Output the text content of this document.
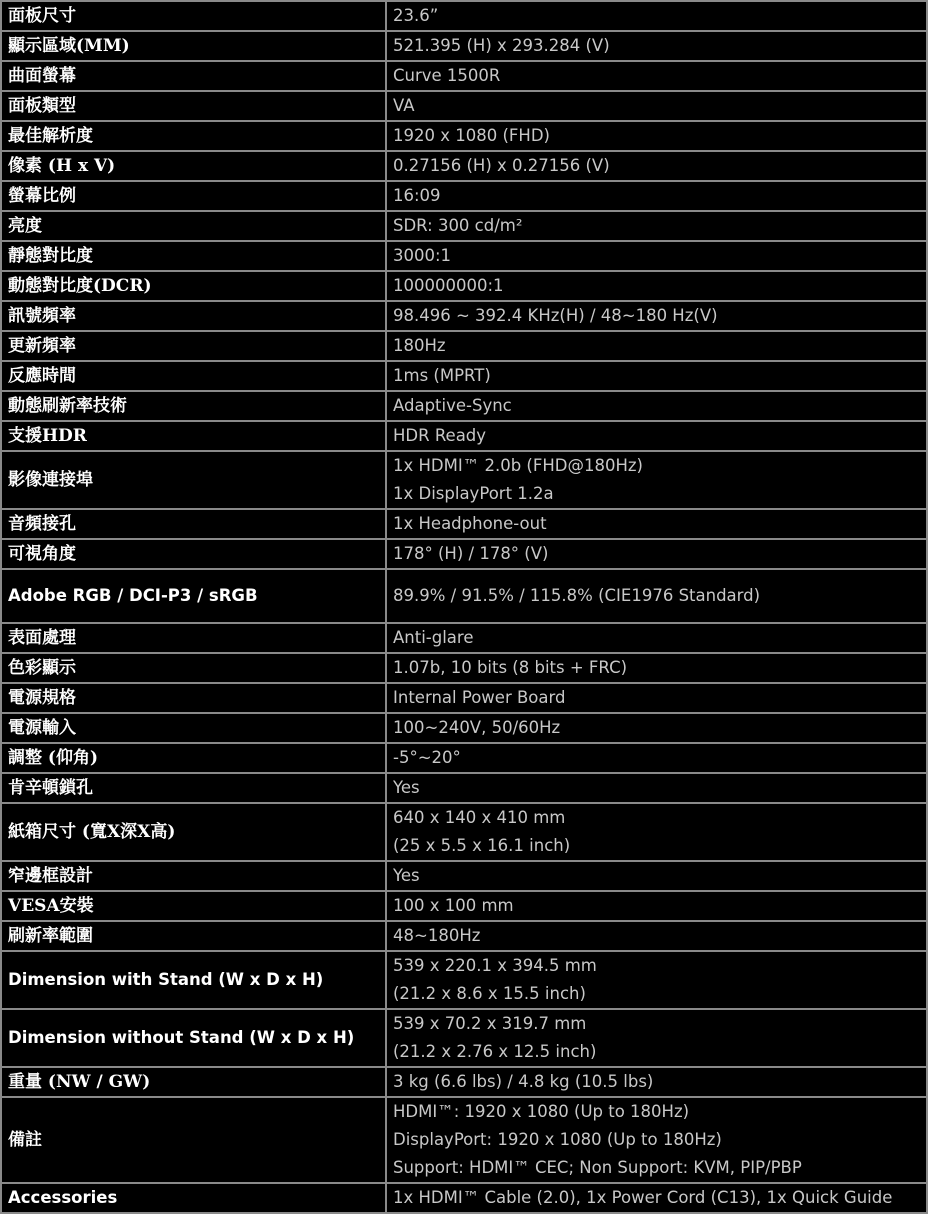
面板尺寸	23.6”

顯示區域(MM)	521.395 (H) x 293.284 (V)

曲面螢幕	Curve 1500R

面板類型	VA

最佳解析度	1920 x 1080 (FHD)

像素 (H x V)	0.27156 (H) x 0.27156 (V)

螢幕比例	16:09

亮度	SDR: 300 cd/m²

靜態對比度	3000:1

動態對比度(DCR)	100000000:1

訊號頻率	98.496 ~ 392.4 KHz(H) / 48~180 Hz(V)

更新頻率	180Hz

反應時間	1ms (MPRT)

動態刷新率技術	Adaptive-Sync

支援HDR	HDR Ready

影像連接埠	1x HDMI™ 2.0b (FHD@180Hz)
1x DisplayPort 1.2a

音頻接孔	1x Headphone-out

可視角度	178° (H) / 178° (V)

Adobe RGB / DCI-P3 / sRGB	89.9% / 91.5% / 115.8% (CIE1976 Standard)

表面處理	Anti-glare

色彩顯示	1.07b, 10 bits (8 bits + FRC)

電源規格	Internal Power Board

電源輸入	100~240V, 50/60Hz

調整 (仰角)	-5°~20°

肯辛頓鎖孔	Yes

紙箱尺寸 (寬X深X高)	640 x 140 x 410 mm
(25 x 5.5 x 16.1 inch)

窄邊框設計	Yes

VESA安裝	100 x 100 mm

刷新率範圍	48~180Hz

Dimension with Stand (W x D x H)	539 x 220.1 x 394.5 mm
(21.2 x 8.6 x 15.5 inch)

Dimension without Stand (W x D x H)	539 x 70.2 x 319.7 mm
(21.2 x 2.76 x 12.5 inch)

重量 (NW / GW)	3 kg (6.6 lbs) / 4.8 kg (10.5 lbs)

備註	HDMI™: 1920 x 1080 (Up to 180Hz)
DisplayPort: 1920 x 1080 (Up to 180Hz)
Support: HDMI™ CEC; Non Support: KVM, PIP/PBP

Accessories	1x HDMI™ Cable (2.0), 1x Power Cord (C13), 1x Quick Guide
